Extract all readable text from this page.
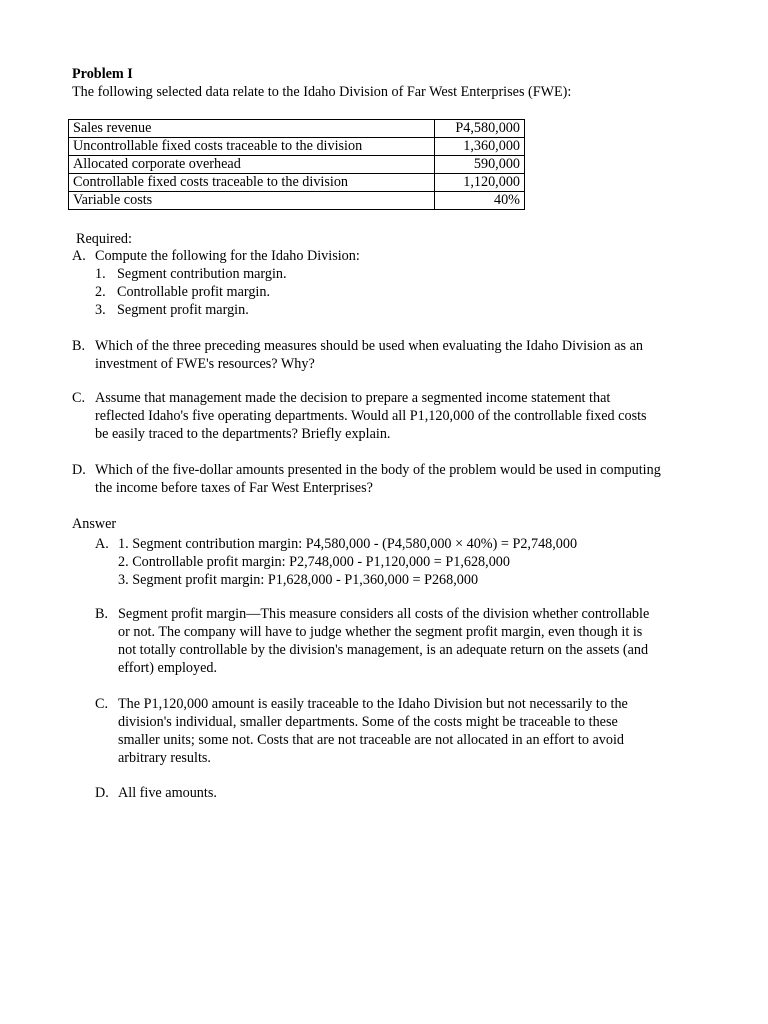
Problem I
The following selected data relate to the Idaho Division of Far West Enterprises (FWE):
Sales revenue	P4,580,000
Uncontrollable fixed costs traceable to the division	1,360,000
Allocated corporate overhead	590,000
Controllable fixed costs traceable to the division	1,120,000
Variable costs	40%
Required:
A. Compute the following for the Idaho Division:
1. Segment contribution margin.
2. Controllable profit margin.
3. Segment profit margin.
B. Which of the three preceding measures should be used when evaluating the Idaho Division as an
investment of FWE's resources? Why?
C. Assume that management made the decision to prepare a segmented income statement that
reflected Idaho's five operating departments. Would all P1,120,000 of the controllable fixed costs
be easily traced to the departments? Briefly explain.
D. Which of the five-dollar amounts presented in the body of the problem would be used in computing
the income before taxes of Far West Enterprises?
Answer
A. 1. Segment contribution margin: P4,580,000 - (P4,580,000 × 40%) = P2,748,000
2. Controllable profit margin: P2,748,000 - P1,120,000 = P1,628,000
3. Segment profit margin: P1,628,000 - P1,360,000 = P268,000
B. Segment profit margin—This measure considers all costs of the division whether controllable
or not. The company will have to judge whether the segment profit margin, even though it is
not totally controllable by the division's management, is an adequate return on the assets (and
effort) employed.
C. The P1,120,000 amount is easily traceable to the Idaho Division but not necessarily to the
division's individual, smaller departments. Some of the costs might be traceable to these
smaller units; some not. Costs that are not traceable are not allocated in an effort to avoid
arbitrary results.
D. All five amounts.
